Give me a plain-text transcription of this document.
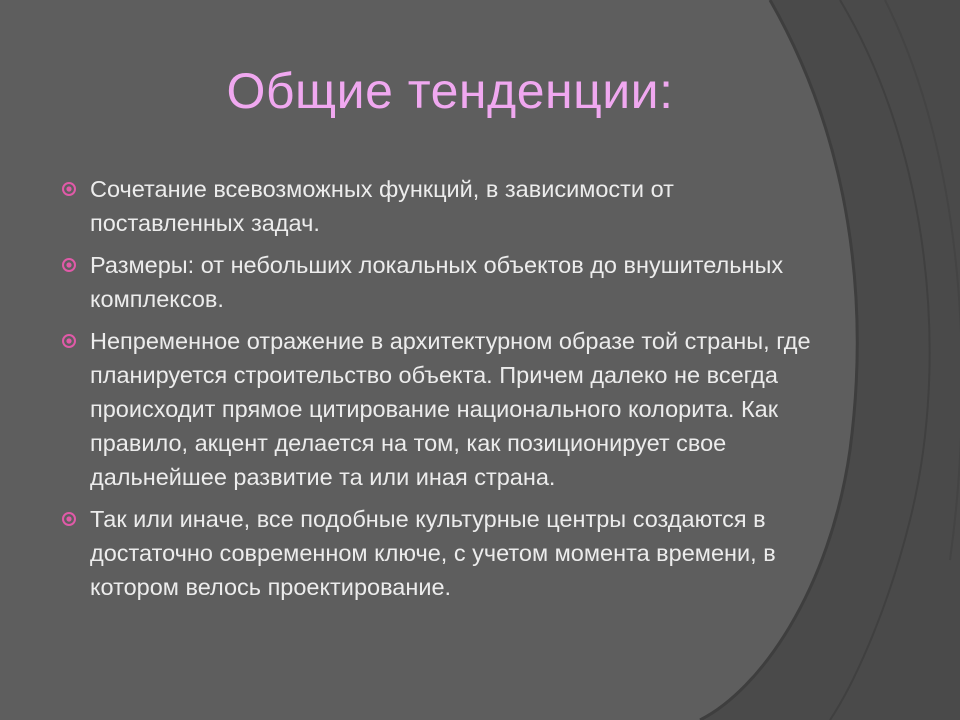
Общие тенденции:
Сочетание всевозможных функций, в зависимости от поставленных задач.
Размеры: от небольших локальных объектов до внушительных комплексов.
Непременное отражение в архитектурном образе той страны, где планируется строительство объекта. Причем далеко не всегда происходит прямое цитирование национального колорита. Как правило, акцент делается на том, как позиционирует свое дальнейшее развитие та или иная страна.
Так или иначе, все подобные культурные центры создаются в достаточно современном ключе, с учетом момента времени, в котором велось проектирование.
